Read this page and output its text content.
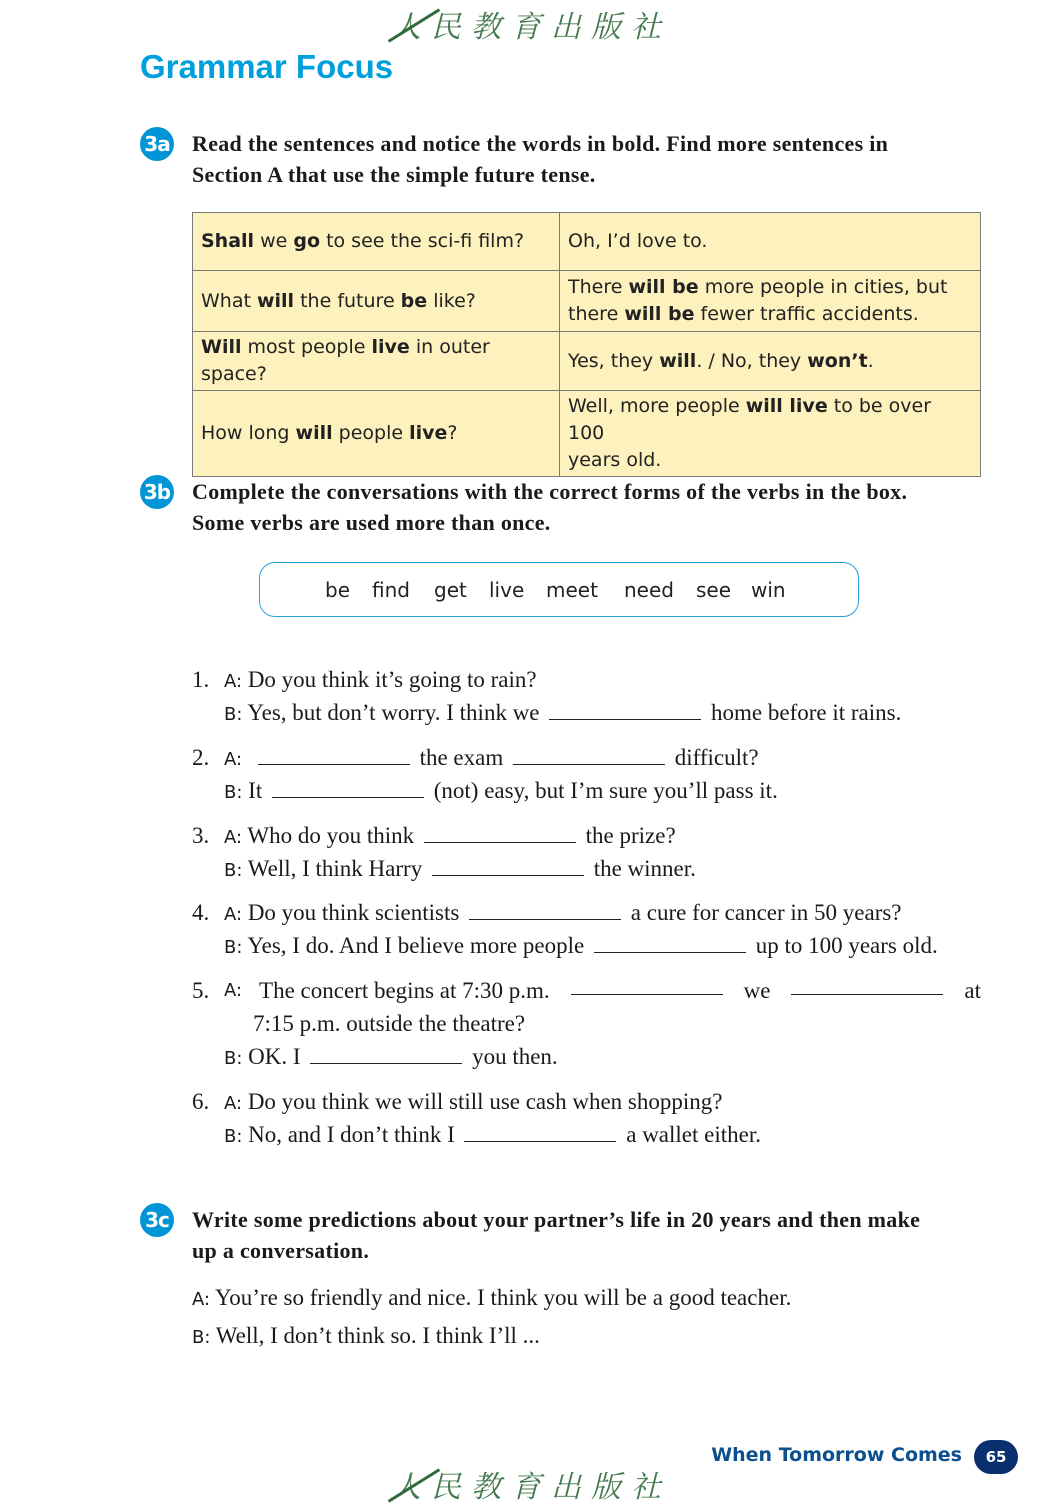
人民教育出版社
Grammar Focus
3a Read the sentences and notice the words in bold. Find more sentences in
Section A that use the simple future tense.
Shall we go to see the sci-fi film?	Oh, I’d love to.
What will the future be like?	There will be more people in cities, but
there will be fewer traffic accidents.
Will most people live in outer space?	Yes, they will. / No, they won’t.
How long will people live?	Well, more people will live to be over 100
years old.
3b Complete the conversations with the correct forms of the verbs in the box.
Some verbs are used more than once.
be find get live meet need see win
1. A: Do you think it’s going to rain?
B: Yes, but don’t worry. I think we	home before it rains.
2. A:	the exam	difficult?
B: It	(not) easy, but I’m sure you’ll pass it.
3. A: Who do you think	the prize?
B: Well, I think Harry	the winner.
4. A: Do you think scientists	a cure for cancer in 50 years?
B: Yes, I do. And I believe more people	up to 100 years old.
5. A: The concert begins at 7:30 p.m.	we	at
7:15 p.m. outside the theatre?
B: OK. I	you then.
6. A: Do you think we will still use cash when shopping?
B: No, and I don’t think I	a wallet either.
3c Write some predictions about your partner’s life in 20 years and then make
up a conversation.
A: You’re so friendly and nice. I think you will be a good teacher.
B: Well, I don’t think so. I think I’ll ...
When Tomorrow Comes	65
人民教育出版社
